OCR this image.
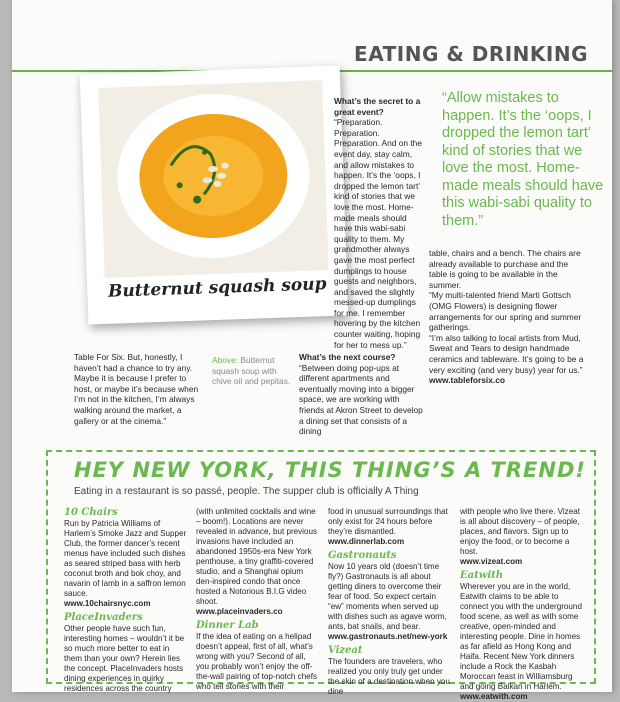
EATING & DRINKING
Butternut squash soup

What’s the secret to a great event?

“Preparation. Preparation. Preparation. And on the event day, stay calm, and allow mistakes to happen. It’s the ‘oops, I dropped the lemon tart’ kind of stories that we love the most. Home-made meals should have this wabi-sabi quality to them. My grandmother always gave the most perfect dumplings to house guests and neighbors, and saved the slightly messed-up dumplings for me. I remember hovering by the kitchen counter waiting, hoping for her to mess up.”

“Allow mistakes to happen. It’s the ‘oops, I dropped the lemon tart’ kind of stories that we love the most. Home-made meals should have this wabi-sabi quality to them.”

Table For Six. But, honestly, I haven’t had a chance to try any. Maybe it is because I prefer to host, or maybe it’s because when I’m not in the kitchen, I’m always walking around the market, a gallery or at the cinema.”

Above: Butternut squash soup with chive oil and pepitas.

What’s the next course?

“Between doing pop-ups at different apartments and eventually moving into a bigger space, we are working with friends at Akron Street to develop a dining set that consists of a dining

table, chairs and a bench. The chairs are already available to purchase and the table is going to be available in the summer.

“My multi-talented friend Marti Gottsch (OMG Flowers) is designing flower arrangements for our spring and summer gatherings.

“I’m also talking to local artists from Mud, Sweat and Tears to design handmade ceramics and tableware. It’s going to be a very exciting (and very busy) year for us.”

www.tableforsix.co

HEY NEW YORK, THIS THING’S A TREND!
Eating in a restaurant is so passé, people. The supper club is officially A Thing

10 Chairs

Run by Patricia Williams of Harlem’s Smoke Jazz and Supper Club, the former dancer’s recent menus have included such dishes as seared striped bass with herb coconut broth and bok choy, and navarin of lamb in a saffron lemon sauce.

www.10chairsnyc.com

PlaceInvaders

Other people have such fun, interesting homes – wouldn’t it be so much more better to eat in them than your own? Herein lies the concept. PlaceInvaders hosts dining experiences in quirky residences across the country

(with unlimited cocktails and wine – boom!). Locations are never revealed in advance, but previous invasions have included an abandoned 1950s-era New York penthouse, a tiny graffiti-covered studio, and a Shanghai opium den-inspired condo that once hosted a Notorious B.I.G video shoot.

www.placeinvaders.co

Dinner Lab

If the idea of eating on a helipad doesn’t appeal, first of all, what’s wrong with you? Second of all, you probably won’t enjoy the off-the-wall pairing of top-notch chefs who tell stories with their

food in unusual surroundings that only exist for 24 hours before they’re dismantled.

www.dinnerlab.com

Gastronauts

Now 10 years old (doesn’t time fly?) Gastronauts is all about getting diners to overcome their fear of food. So expect certain “ew” moments when served up with dishes such as agave worm, ants, bat snails, and bear.

www.gastronauts.net/new-york

Vizeat

The founders are travelers, who realized you only truly get under the skin of a destination when you dine

with people who live there. Vizeat is all about discovery – of people, places, and flavors. Sign up to enjoy the food, or to become a host.

www.vizeat.com

Eatwith

Wherever you are in the world, Eatwith claims to be able to connect you with the underground food scene, as well as with some creative, open-minded and interesting people. Dine in homes as far afield as Hong Kong and Haifa. Recent New York dinners include a Rock the Kasbah Moroccan feast in Williamsburg and going Balkan in Harlem.

www.eatwith.com
